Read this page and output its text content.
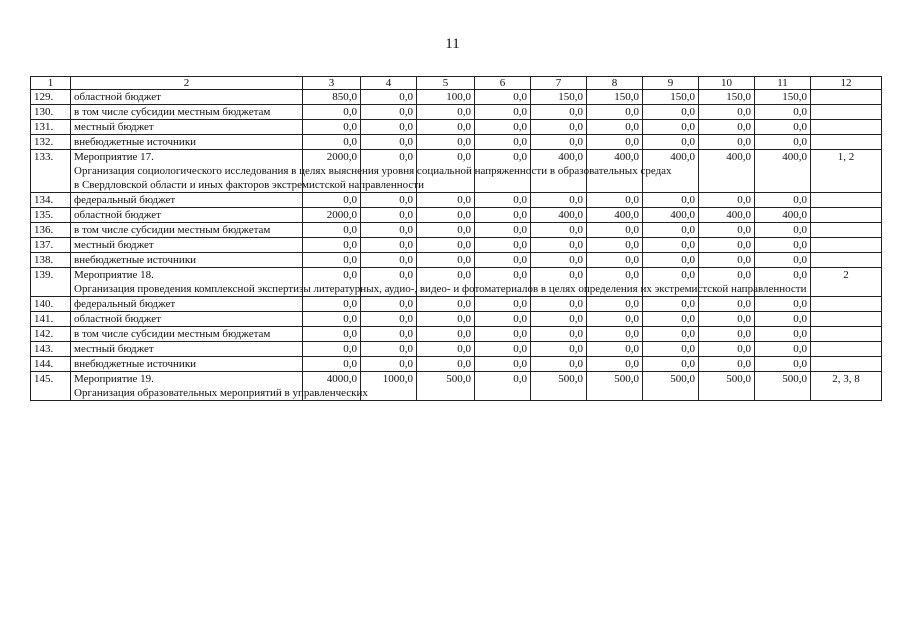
11
1	2	3	4	5	6	7	8	9	10	11	12
129.	областной бюджет	850,0	0,0	100,0	0,0	150,0	150,0	150,0	150,0	150,0	
130.	в том числе субсидии местным бюджетам	0,0	0,0	0,0	0,0	0,0	0,0	0,0	0,0	0,0	
131.	местный бюджет	0,0	0,0	0,0	0,0	0,0	0,0	0,0	0,0	0,0	
132.	внебюджетные источники	0,0	0,0	0,0	0,0	0,0	0,0	0,0	0,0	0,0	
133.	Мероприятие 17.
Организация социологического исследования в целях выяснения уровня социальной напряженности в образовательных средах
в Свердловской области и иных факторов экстремистской направленности	2000,0	0,0	0,0	0,0	400,0	400,0	400,0	400,0	400,0	1, 2
134.	федеральный бюджет	0,0	0,0	0,0	0,0	0,0	0,0	0,0	0,0	0,0	
135.	областной бюджет	2000,0	0,0	0,0	0,0	400,0	400,0	400,0	400,0	400,0	
136.	в том числе субсидии местным бюджетам	0,0	0,0	0,0	0,0	0,0	0,0	0,0	0,0	0,0	
137.	местный бюджет	0,0	0,0	0,0	0,0	0,0	0,0	0,0	0,0	0,0	
138.	внебюджетные источники	0,0	0,0	0,0	0,0	0,0	0,0	0,0	0,0	0,0	
139.	Мероприятие 18.
Организация проведения комплексной экспертизы литературных, аудио-, видео- и фотоматериалов в целях определения их экстремистской направленности	0,0	0,0	0,0	0,0	0,0	0,0	0,0	0,0	0,0	2
140.	федеральный бюджет	0,0	0,0	0,0	0,0	0,0	0,0	0,0	0,0	0,0	
141.	областной бюджет	0,0	0,0	0,0	0,0	0,0	0,0	0,0	0,0	0,0	
142.	в том числе субсидии местным бюджетам	0,0	0,0	0,0	0,0	0,0	0,0	0,0	0,0	0,0	
143.	местный бюджет	0,0	0,0	0,0	0,0	0,0	0,0	0,0	0,0	0,0	
144.	внебюджетные источники	0,0	0,0	0,0	0,0	0,0	0,0	0,0	0,0	0,0	
145.	Мероприятие 19.
Организация образовательных мероприятий в управленческих	4000,0	1000,0	500,0	0,0	500,0	500,0	500,0	500,0	500,0	2, 3, 8
